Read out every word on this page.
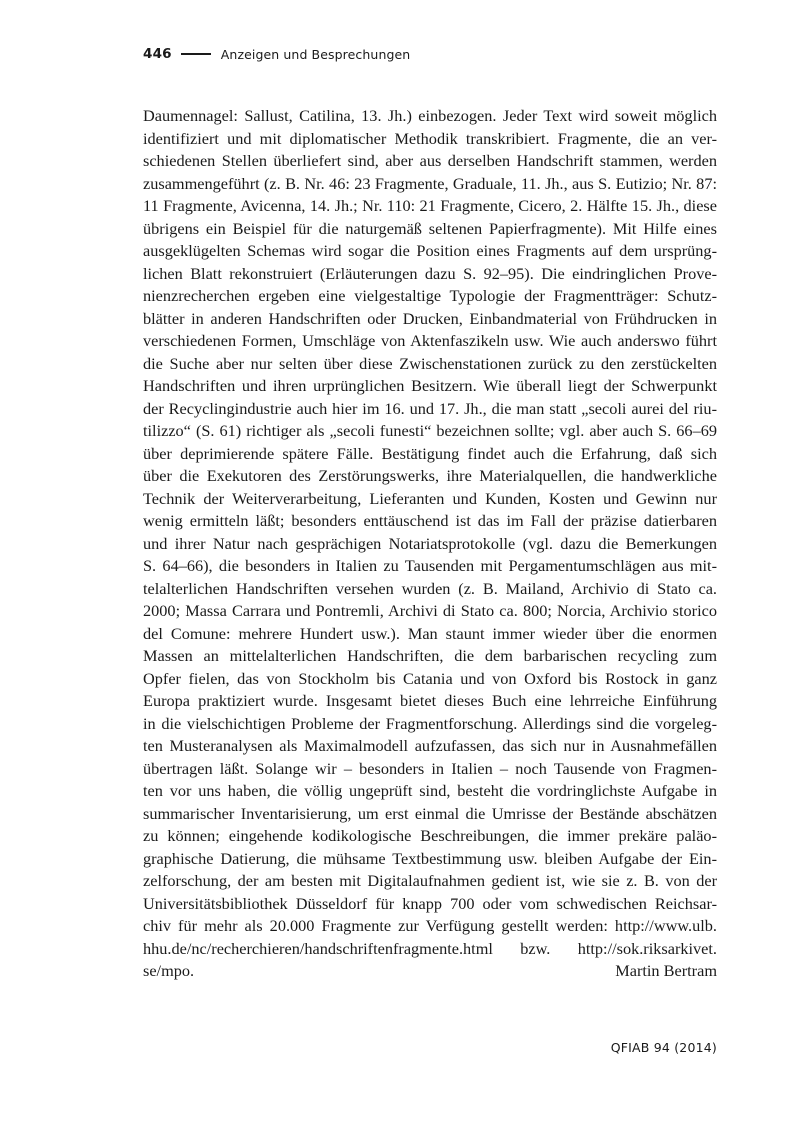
446	Anzeigen und Besprechungen
Daumennagel: Sallust, Catilina, 13. Jh.) einbezogen. Jeder Text wird soweit möglich
identifiziert und mit diplomatischer Methodik transkribiert. Fragmente, die an ver-
schiedenen Stellen überliefert sind, aber aus derselben Handschrift stammen, werden
zusammengeführt (z. B. Nr. 46: 23 Fragmente, Graduale, 11. Jh., aus S. Eutizio; Nr. 87:
11 Fragmente, Avicenna, 14. Jh.; Nr. 110: 21 Fragmente, Cicero, 2. Hälfte 15. Jh., diese
übrigens ein Beispiel für die naturgemäß seltenen Papierfragmente). Mit Hilfe eines
ausgeklügelten Schemas wird sogar die Position eines Fragments auf dem ursprüng-
lichen Blatt rekonstruiert (Erläuterungen dazu S. 92–95). Die eindringlichen Prove-
nienzrecherchen ergeben eine vielgestaltige Typologie der Fragmentträger: Schutz-
blätter in anderen Handschriften oder Drucken, Einbandmaterial von Frühdrucken in
verschiedenen Formen, Umschläge von Aktenfaszikeln usw. Wie auch anderswo führt
die Suche aber nur selten über diese Zwischenstationen zurück zu den zerstückelten
Handschriften und ihren urprünglichen Besitzern. Wie überall liegt der Schwerpunkt
der Recyclingindustrie auch hier im 16. und 17. Jh., die man statt „secoli aurei del riu-
tilizzo“ (S. 61) richtiger als „secoli funesti“ bezeichnen sollte; vgl. aber auch S. 66–69
über deprimierende spätere Fälle. Bestätigung findet auch die Erfahrung, daß sich
über die Exekutoren des Zerstörungswerks, ihre Materialquellen, die handwerkliche
Technik der Weiterverarbeitung, Lieferanten und Kunden, Kosten und Gewinn nur
wenig ermitteln läßt; besonders enttäuschend ist das im Fall der präzise datierbaren
und ihrer Natur nach gesprächigen Notariatsprotokolle (vgl. dazu die Bemerkungen
S. 64–66), die besonders in Italien zu Tausenden mit Pergamentumschlägen aus mit-
telalterlichen Handschriften versehen wurden (z. B. Mailand, Archivio di Stato ca.
2000; Massa Carrara und Pontremli, Archivi di Stato ca. 800; Norcia, Archivio storico
del Comune: mehrere Hundert usw.). Man staunt immer wieder über die enormen
Massen an mittelalterlichen Handschriften, die dem barbarischen recycling zum
Opfer fielen, das von Stockholm bis Catania und von Oxford bis Rostock in ganz
Europa praktiziert wurde. Insgesamt bietet dieses Buch eine lehrreiche Einführung
in die vielschichtigen Probleme der Fragmentforschung. Allerdings sind die vorgeleg-
ten Musteranalysen als Maximalmodell aufzufassen, das sich nur in Ausnahmefällen
übertragen läßt. Solange wir – besonders in Italien – noch Tausende von Fragmen-
ten vor uns haben, die völlig ungeprüft sind, besteht die vordringlichste Aufgabe in
summarischer Inventarisierung, um erst einmal die Umrisse der Bestände abschätzen
zu können; eingehende kodikologische Beschreibungen, die immer prekäre paläo-
graphische Datierung, die mühsame Textbestimmung usw. bleiben Aufgabe der Ein-
zelforschung, der am besten mit Digitalaufnahmen gedient ist, wie sie z. B. von der
Universitätsbibliothek Düsseldorf für knapp 700 oder vom schwedischen Reichsar-
chiv für mehr als 20.000 Fragmente zur Verfügung gestellt werden: http://www.ulb.
hhu.de/nc/recherchieren/handschriftenfragmente.html bzw. http://sok.riksarkivet.
se/mpo.	Martin Bertram
QFIAB 94 (2014)
